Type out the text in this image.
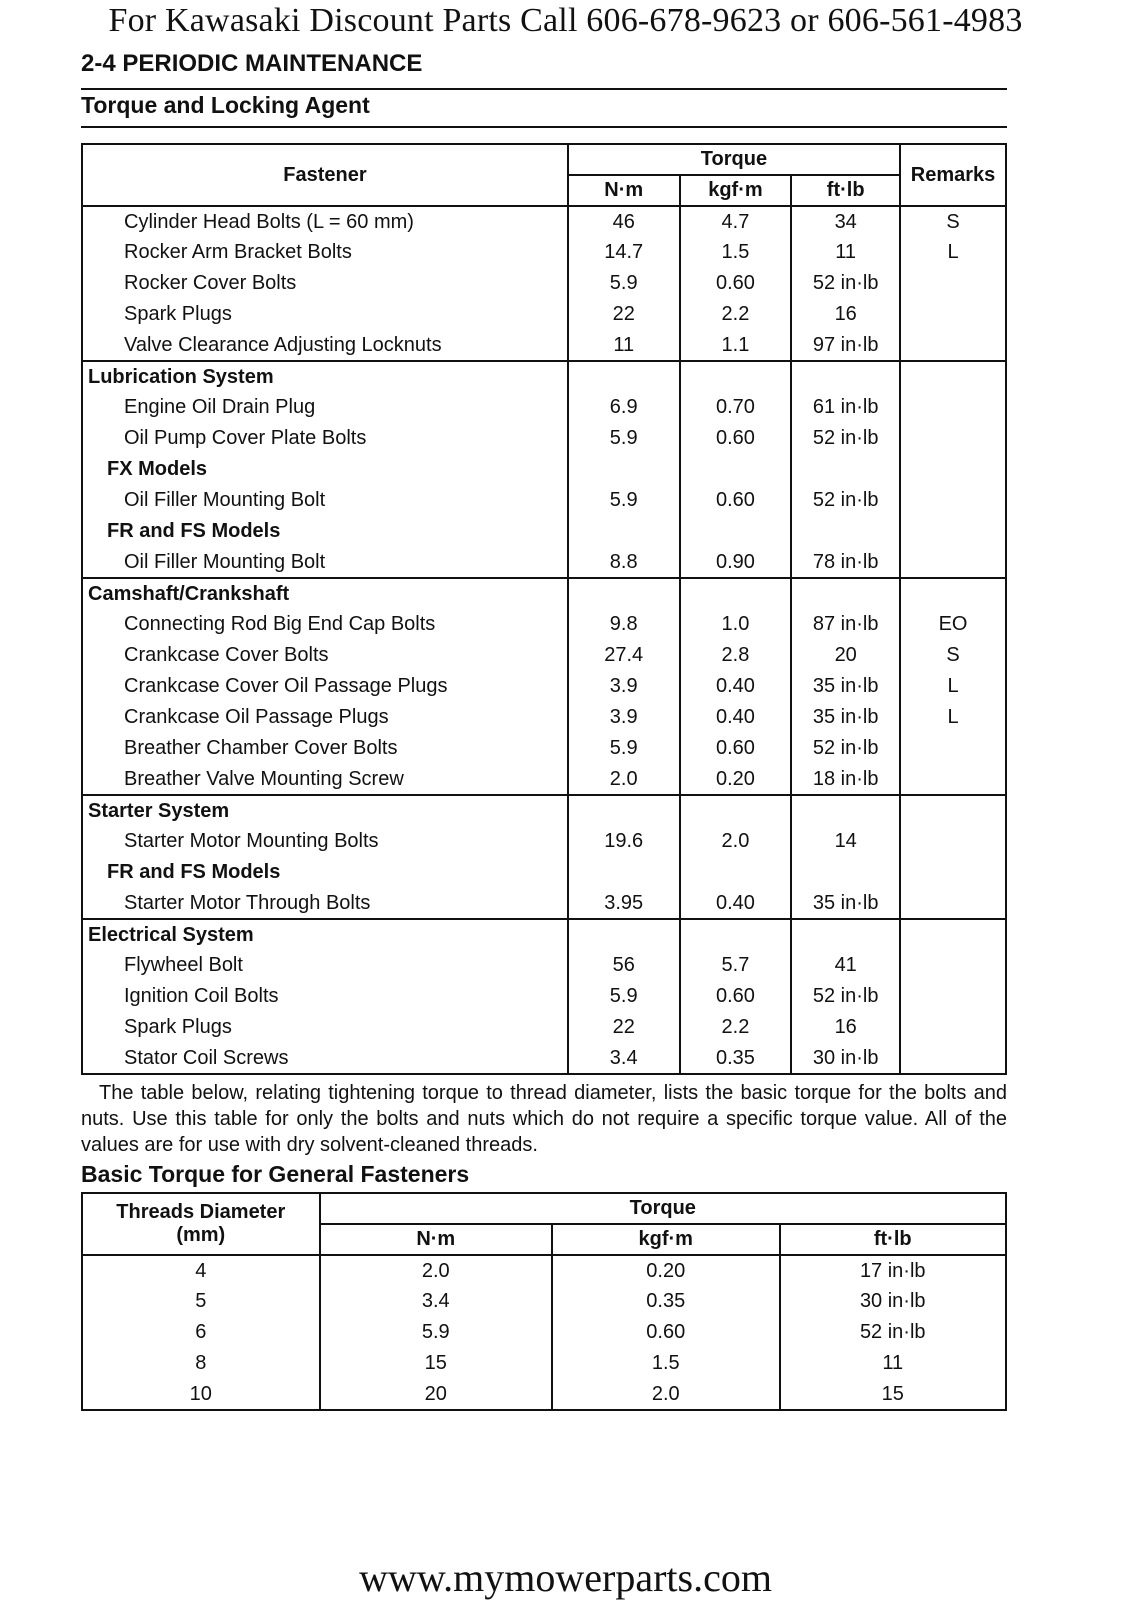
For Kawasaki Discount Parts Call 606-678-9623 or 606-561-4983
2-4 PERIODIC MAINTENANCE
Torque and Locking Agent
Fastener	Torque			Remarks
	N·m	kgf·m	ft·lb	
Cylinder Head Bolts (L = 60 mm)	46	4.7	34	S
Rocker Arm Bracket Bolts	14.7	1.5	11	L
Rocker Cover Bolts	5.9	0.60	52 in·lb	
Spark Plugs	22	2.2	16	
Valve Clearance Adjusting Locknuts	11	1.1	97 in·lb	
Lubrication System				
Engine Oil Drain Plug	6.9	0.70	61 in·lb	
Oil Pump Cover Plate Bolts	5.9	0.60	52 in·lb	
FX Models				
Oil Filler Mounting Bolt	5.9	0.60	52 in·lb	
FR and FS Models				
Oil Filler Mounting Bolt	8.8	0.90	78 in·lb	
Camshaft/Crankshaft				
Connecting Rod Big End Cap Bolts	9.8	1.0	87 in·lb	EO
Crankcase Cover Bolts	27.4	2.8	20	S
Crankcase Cover Oil Passage Plugs	3.9	0.40	35 in·lb	L
Crankcase Oil Passage Plugs	3.9	0.40	35 in·lb	L
Breather Chamber Cover Bolts	5.9	0.60	52 in·lb	
Breather Valve Mounting Screw	2.0	0.20	18 in·lb	
Starter System				
Starter Motor Mounting Bolts	19.6	2.0	14	
FR and FS Models				
Starter Motor Through Bolts	3.95	0.40	35 in·lb	
Electrical System				
Flywheel Bolt	56	5.7	41	
Ignition Coil Bolts	5.9	0.60	52 in·lb	
Spark Plugs	22	2.2	16	
Stator Coil Screws	3.4	0.35	30 in·lb	
The table below, relating tightening torque to thread diameter, lists the basic torque for the bolts and nuts. Use this table for only the bolts and nuts which do not require a specific torque value. All of the values are for use with dry solvent-cleaned threads.
Basic Torque for General Fasteners
Threads Diameter
(mm)	Torque		
	N·m	kgf·m	ft·lb
4	2.0	0.20	17 in·lb
5	3.4	0.35	30 in·lb
6	5.9	0.60	52 in·lb
8	15	1.5	11
10	20	2.0	15
www.mymowerparts.com
